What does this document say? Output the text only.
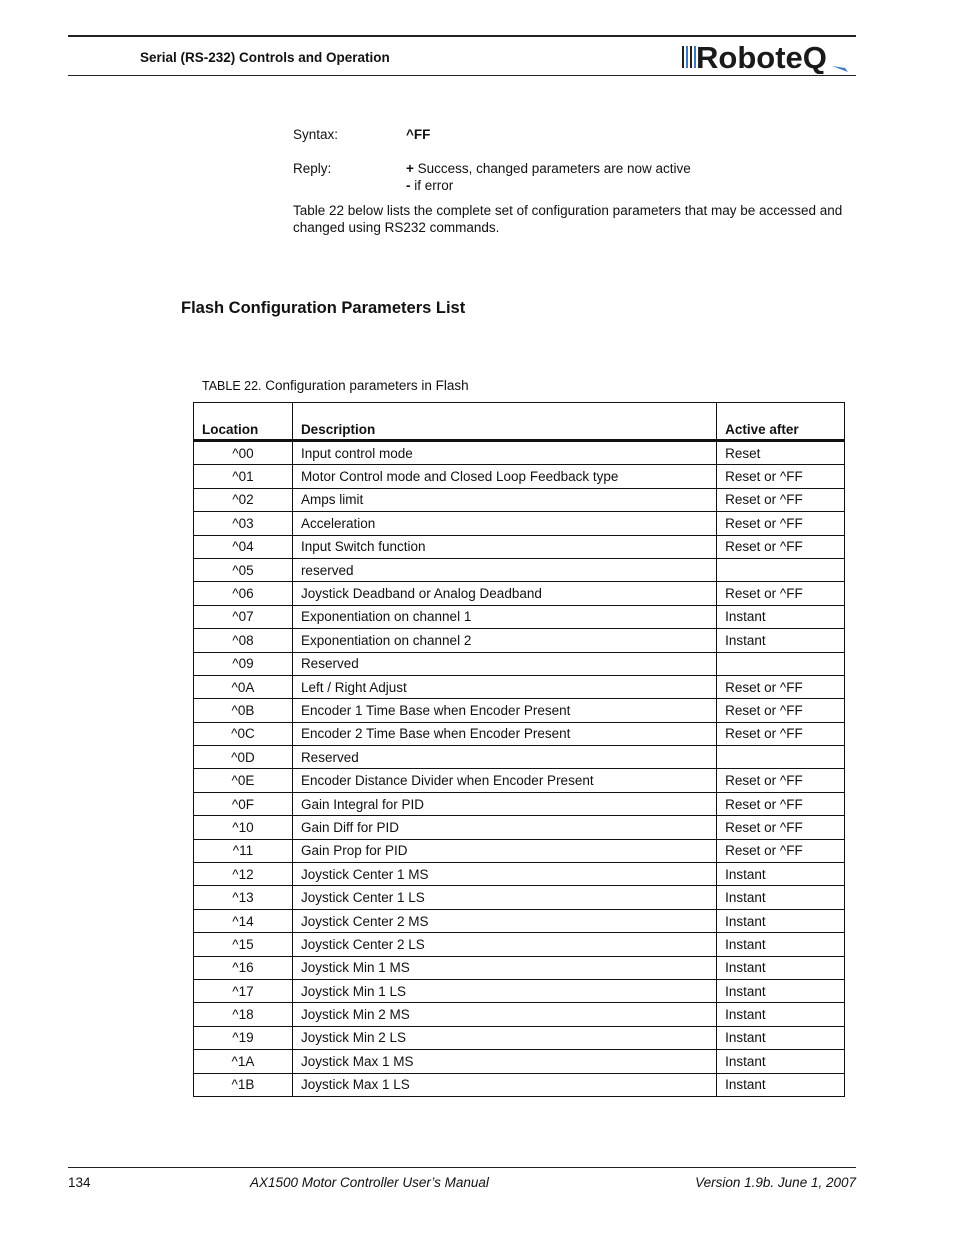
Serial (RS-232) Controls and Operation	RoboteQ
Syntax:	^FF
Reply:	+ Success, changed parameters are now active
- if error
Table 22 below lists the complete set of configuration parameters that may be accessed and changed using RS232 commands.
Flash Configuration Parameters List
TABLE 22. Configuration parameters in Flash
Location	Description	Active after
^00	Input control mode	Reset
^01	Motor Control mode and Closed Loop Feedback type	Reset or ^FF
^02	Amps limit	Reset or ^FF
^03	Acceleration	Reset or ^FF
^04	Input Switch function	Reset or ^FF
^05	reserved	
^06	Joystick Deadband or Analog Deadband	Reset or ^FF
^07	Exponentiation on channel 1	Instant
^08	Exponentiation on channel 2	Instant
^09	Reserved	
^0A	Left / Right Adjust	Reset or ^FF
^0B	Encoder 1 Time Base when Encoder Present	Reset or ^FF
^0C	Encoder 2 Time Base when Encoder Present	Reset or ^FF
^0D	Reserved	
^0E	Encoder Distance Divider when Encoder Present	Reset or ^FF
^0F	Gain Integral for PID	Reset or ^FF
^10	Gain Diff for PID	Reset or ^FF
^11	Gain Prop for PID	Reset or ^FF
^12	Joystick Center 1 MS	Instant
^13	Joystick Center 1 LS	Instant
^14	Joystick Center 2 MS	Instant
^15	Joystick Center 2 LS	Instant
^16	Joystick Min 1 MS	Instant
^17	Joystick Min 1 LS	Instant
^18	Joystick Min 2 MS	Instant
^19	Joystick Min 2 LS	Instant
^1A	Joystick Max 1 MS	Instant
^1B	Joystick Max 1 LS	Instant
134	AX1500 Motor Controller User’s Manual	Version 1.9b. June 1, 2007
